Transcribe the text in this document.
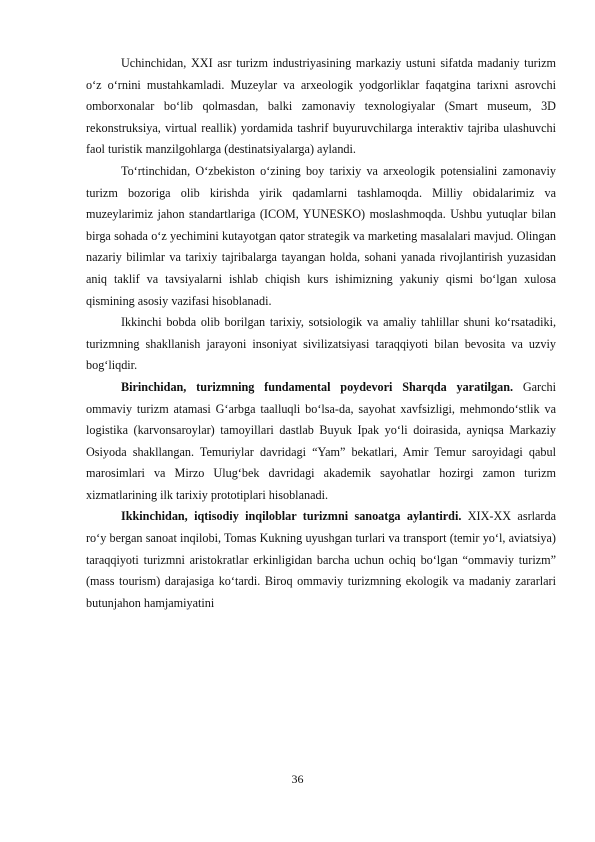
Uchinchidan, XXI asr turizm industriyasining markaziy ustuni sifatda madaniy turizm o‘z o‘rnini mustahkamladi. Muzeylar va arxeologik yodgorliklar faqatgina tarixni asrovchi omborxonalar bo‘lib qolmasdan, balki zamonaviy texnologiyalar (Smart museum, 3D rekonstruksiya, virtual reallik) yordamida tashrif buyuruvchilarga interaktiv tajriba ulashuvchi faol turistik manzilgohlarga (destinatsiyalarga) aylandi.

To‘rtinchidan, O‘zbekiston o‘zining boy tarixiy va arxeologik potensialini zamonaviy turizm bozoriga olib kirishda yirik qadamlarni tashlamoqda. Milliy obidalarimiz va muzeylarimiz jahon standartlariga (ICOM, YUNESKO) moslashmoqda. Ushbu yutuqlar bilan birga sohada o‘z yechimini kutayotgan qator strategik va marketing masalalari mavjud. Olingan nazariy bilimlar va tarixiy tajribalarga tayangan holda, sohani yanada rivojlantirish yuzasidan aniq taklif va tavsiyalarni ishlab chiqish kurs ishimizning yakuniy qismi bo‘lgan xulosa qismining asosiy vazifasi hisoblanadi.

Ikkinchi bobda olib borilgan tarixiy, sotsiologik va amaliy tahlillar shuni ko‘rsatadiki, turizmning shakllanish jarayoni insoniyat sivilizatsiyasi taraqqiyoti bilan bevosita va uzviy bog‘liqdir.

Birinchidan, turizmning fundamental poydevori Sharqda yaratilgan. Garchi ommaviy turizm atamasi G‘arbga taalluqli bo‘lsa-da, sayohat xavfsizligi, mehmondo‘stlik va logistika (karvonsaroylar) tamoyillari dastlab Buyuk Ipak yo‘li doirasida, ayniqsa Markaziy Osiyoda shakllangan. Temuriylar davridagi “Yam” bekatlari, Amir Temur saroyidagi qabul marosimlari va Mirzo Ulug‘bek davridagi akademik sayohatlar hozirgi zamon turizm xizmatlarining ilk tarixiy prototiplari hisoblanadi.

Ikkinchidan, iqtisodiy inqiloblar turizmni sanoatga aylantirdi. XIX-XX asrlarda ro‘y bergan sanoat inqilobi, Tomas Kukning uyushgan turlari va transport (temir yo‘l, aviatsiya) taraqqiyoti turizmni aristokratlar erkinligidan barcha uchun ochiq bo‘lgan “ommaviy turizm” (mass tourism) darajasiga ko‘tardi. Biroq ommaviy turizmning ekologik va madaniy zararlari butunjahon hamjamiyatini

36
